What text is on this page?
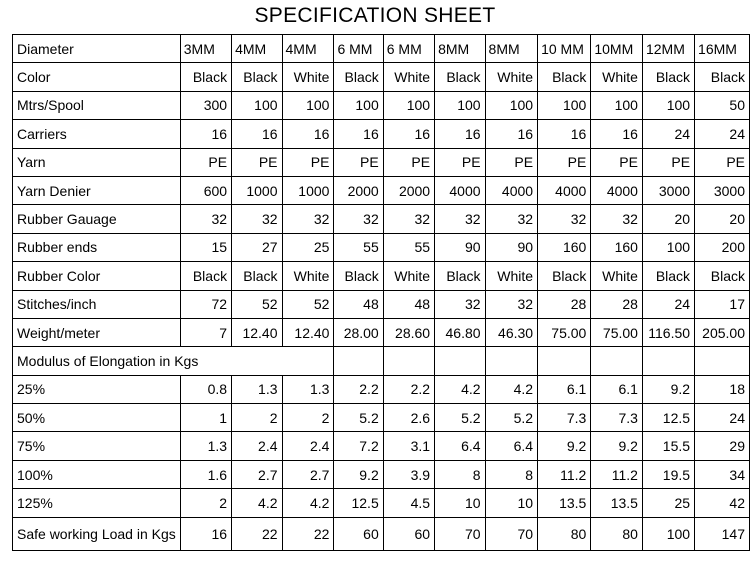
SPECIFICATION SHEET
Diameter	3MM	4MM	4MM	6 MM	6 MM	8MM	8MM	10 MM	10MM	12MM	16MM
Color	Black	Black	White	Black	White	Black	White	Black	White	Black	Black
Mtrs/Spool	300	100	100	100	100	100	100	100	100	100	50
Carriers	16	16	16	16	16	16	16	16	16	24	24
Yarn	PE	PE	PE	PE	PE	PE	PE	PE	PE	PE	PE
Yarn Denier	600	1000	1000	2000	2000	4000	4000	4000	4000	3000	3000
Rubber Gauage	32	32	32	32	32	32	32	32	32	20	20
Rubber ends	15	27	25	55	55	90	90	160	160	100	200
Rubber Color	Black	Black	White	Black	White	Black	White	Black	White	Black	Black
Stitches/inch	72	52	52	48	48	32	32	28	28	24	17
Weight/meter	7	12.40	12.40	28.00	28.60	46.80	46.30	75.00	75.00	116.50	205.00
Modulus of Elongation in Kgs											
25%	0.8	1.3	1.3	2.2	2.2	4.2	4.2	6.1	6.1	9.2	18
50%	1	2	2	5.2	2.6	5.2	5.2	7.3	7.3	12.5	24
75%	1.3	2.4	2.4	7.2	3.1	6.4	6.4	9.2	9.2	15.5	29
100%	1.6	2.7	2.7	9.2	3.9	8	8	11.2	11.2	19.5	34
125%	2	4.2	4.2	12.5	4.5	10	10	13.5	13.5	25	42
Safe working Load in Kgs	16	22	22	60	60	70	70	80	80	100	147
